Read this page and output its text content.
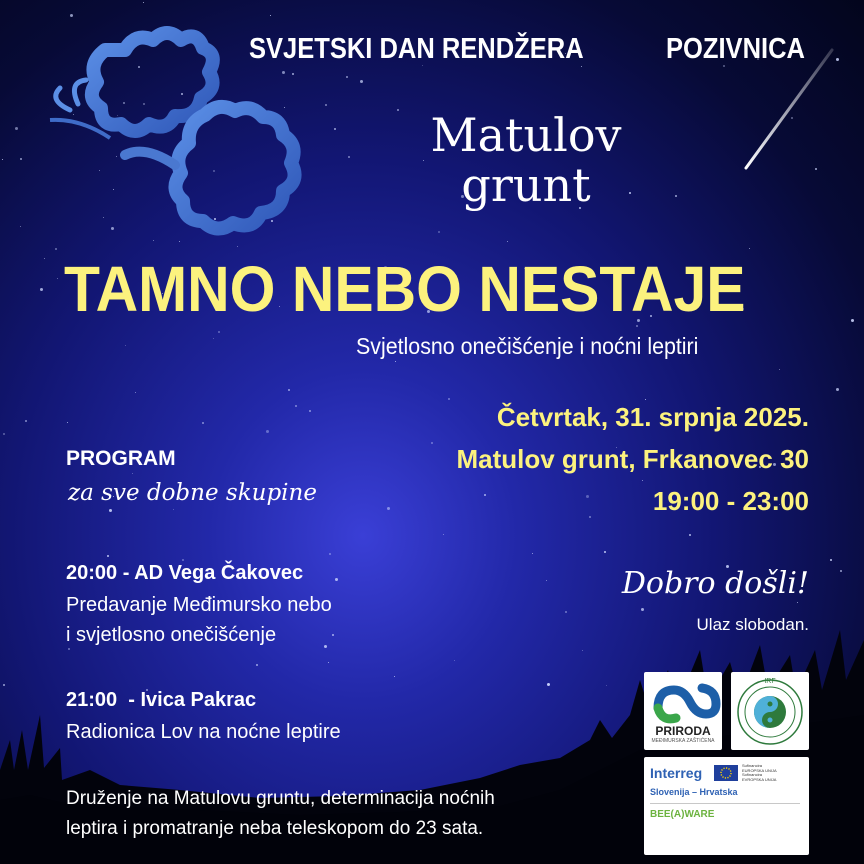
SVJETSKI DAN RENDŽERA	POZIVNICA
Matulov
grunt
TAMNO NEBO NESTAJE
Svjetlosno onečišćenje i noćni leptiri
Četvrtak, 31. srpnja 2025.
Matulov grunt, Frkanovec 30
19:00 - 23:00
PROGRAM
za sve dobne skupine
20:00 - AD Vega Čakovec
Predavanje Međimursko nebo
i svjetlosno onečišćenje
21:00  - Ivica Pakrac
Radionica Lov na noćne leptire
Dobro došli!
Ulaz slobodan.
Druženje na Matulovu gruntu, determinacija noćnih
leptira i promatranje neba teleskopom do 23 sata.
PRIRODA
MEĐIMURSKA ZAŠTIĆENA
IRF
Interreg	Sufinancira
EUROPSKA UNIJA
Sofinancira
EVROPSKA UNIJA
Slovenija – Hrvatska
BEE(A)WARE
